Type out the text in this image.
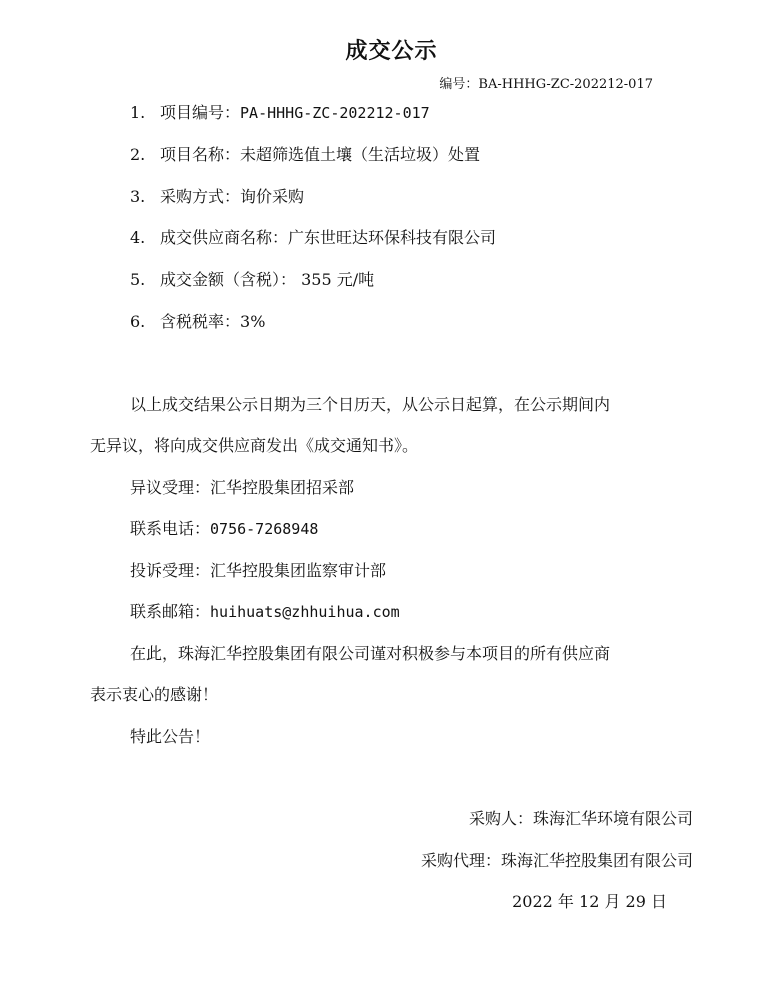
成交公示
编号：BA-HHHG-ZC-202212-017
1. 项目编号：PA-HHHG-ZC-202212-017
2. 项目名称：未超筛选值土壤（生活垃圾）处置
3. 采购方式：询价采购
4. 成交供应商名称：广东世旺达环保科技有限公司
5. 成交金额（含税）： 355 元/吨
6. 含税税率：3%
以上成交结果公示日期为三个日历天，从公示日起算，在公示期间内
无异议，将向成交供应商发出《成交通知书》。
异议受理：汇华控股集团招采部
联系电话：0756-7268948
投诉受理：汇华控股集团监察审计部
联系邮箱：huihuats@zhhuihua.com
在此，珠海汇华控股集团有限公司谨对积极参与本项目的所有供应商
表示衷心的感谢！
特此公告！
采购人：珠海汇华环境有限公司
采购代理：珠海汇华控股集团有限公司
2022 年 12 月 29 日
